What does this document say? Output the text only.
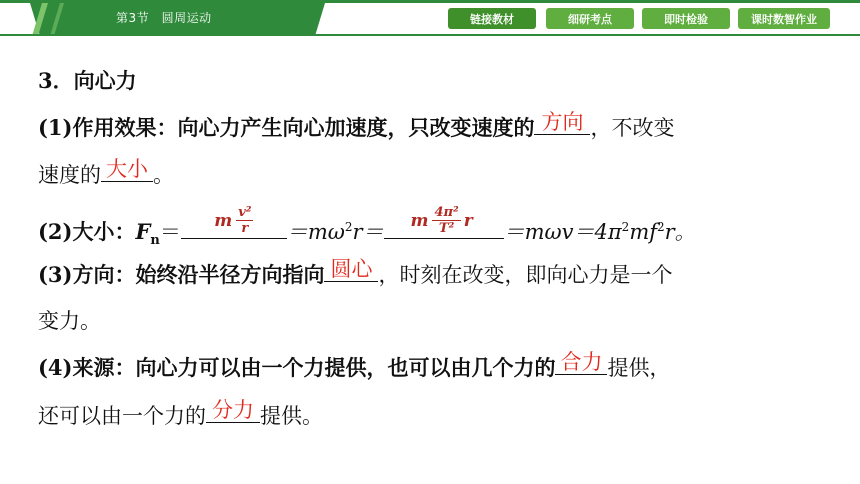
第3节　圆周运动	链接教材	细研考点	即时检验	课时数智作业
3．向心力
(1)作用效果：向心力产生向心加速度，只改变速度的 方向 ，不改变
速度的 大小 。
(2)大小：$F_n= m \frac{\text{v²}}{r} =m\omega^2r= m \frac{\text{4π²}}{\text{T²}}$ $r =m\omega v=4\pi^2mf^2r$。
(3)方向：始终沿半径方向指向 圆心 ，时刻在改变，即向心力是一个
变力。
(4)来源：向心力可以由一个力提供，也可以由几个力的 合力 提供，
还可以由一个力的 分力 提供。
